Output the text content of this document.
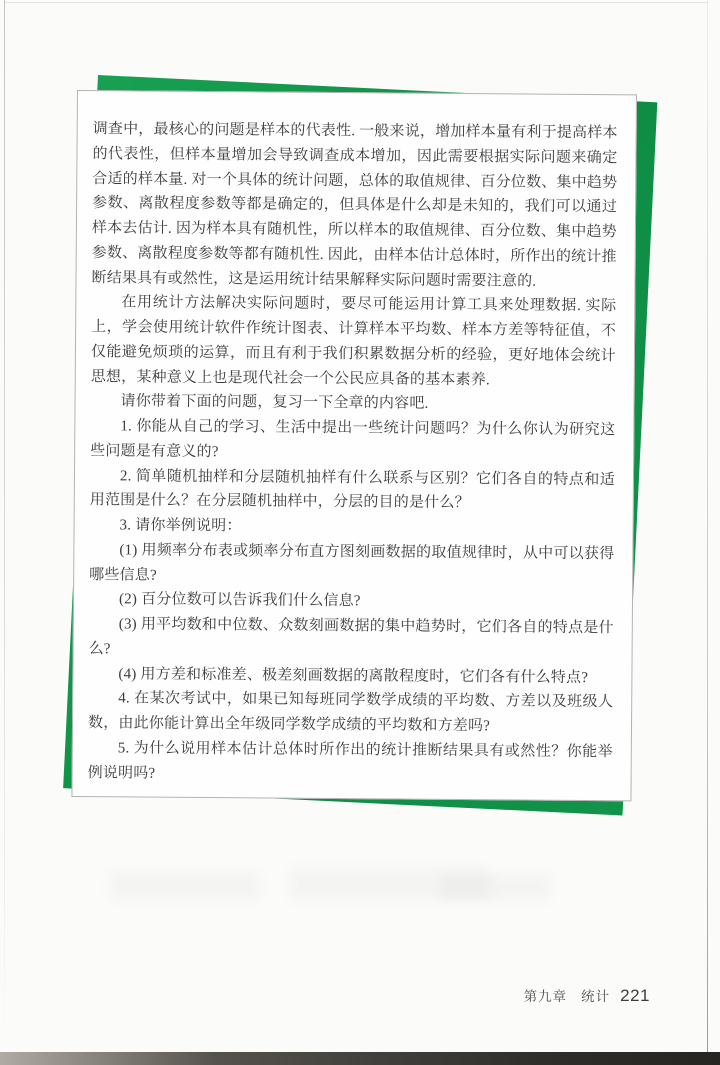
调查中，最核心的问题是样本的代表性. 一般来说，增加样本量有利于提高样本的代表性，但样本量增加会导致调查成本增加，因此需要根据实际问题来确定合适的样本量. 对一个具体的统计问题，总体的取值规律、百分位数、集中趋势参数、离散程度参数等都是确定的，但具体是什么却是未知的，我们可以通过样本去估计. 因为样本具有随机性，所以样本的取值规律、百分位数、集中趋势参数、离散程度参数等都有随机性. 因此，由样本估计总体时，所作出的统计推断结果具有或然性，这是运用统计结果解释实际问题时需要注意的.

在用统计方法解决实际问题时，要尽可能运用计算工具来处理数据. 实际上，学会使用统计软件作统计图表、计算样本平均数、样本方差等特征值，不仅能避免烦琐的运算，而且有利于我们积累数据分析的经验，更好地体会统计思想，某种意义上也是现代社会一个公民应具备的基本素养.

请你带着下面的问题，复习一下全章的内容吧.

1. 你能从自己的学习、生活中提出一些统计问题吗？为什么你认为研究这些问题是有意义的?

2. 简单随机抽样和分层随机抽样有什么联系与区别？它们各自的特点和适用范围是什么？在分层随机抽样中，分层的目的是什么？

3. 请你举例说明：

(1) 用频率分布表或频率分布直方图刻画数据的取值规律时，从中可以获得哪些信息?

(2) 百分位数可以告诉我们什么信息?

(3) 用平均数和中位数、众数刻画数据的集中趋势时，它们各自的特点是什么?

(4) 用方差和标准差、极差刻画数据的离散程度时，它们各有什么特点?

4. 在某次考试中，如果已知每班同学数学成绩的平均数、方差以及班级人数，由此你能计算出全年级同学数学成绩的平均数和方差吗?

5. 为什么说用样本估计总体时所作出的统计推断结果具有或然性？你能举例说明吗?

第九章 统计 221
